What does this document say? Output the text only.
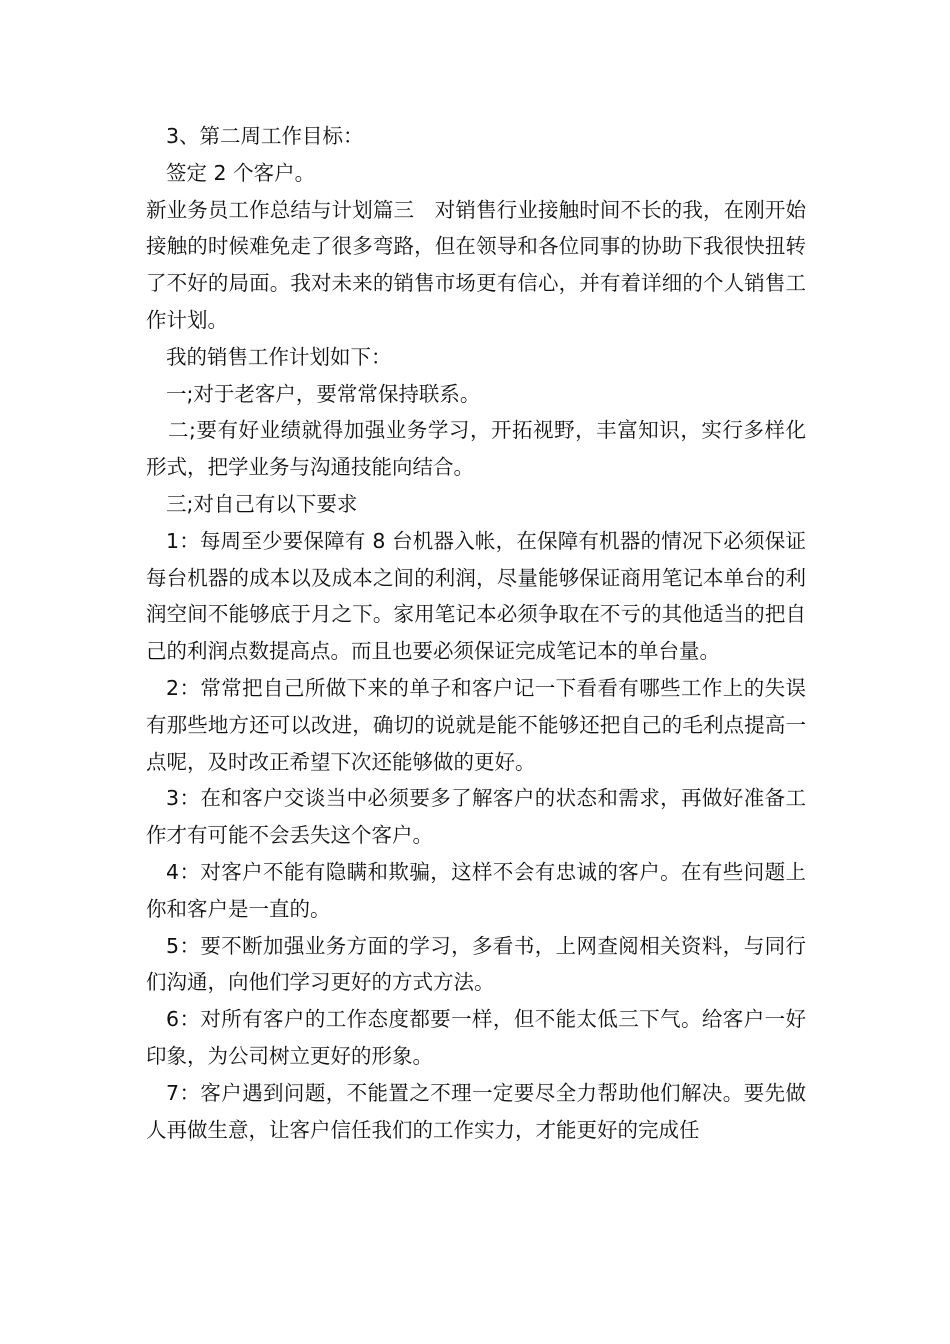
3、第二周工作目标：

签定 2 个客户。

新业务员工作总结与计划篇三　对销售行业接触时间不长的我，在刚开始接触的时候难免走了很多弯路，但在领导和各位同事的协助下我很快扭转了不好的局面。我对未来的销售市场更有信心，并有着详细的个人销售工作计划。

我的销售工作计划如下：

一;对于老客户，要常常保持联系。

二;要有好业绩就得加强业务学习，开拓视野，丰富知识，实行多样化形式，把学业务与沟通技能向结合。

三;对自己有以下要求

1：每周至少要保障有 8 台机器入帐，在保障有机器的情况下必须保证每台机器的成本以及成本之间的利润，尽量能够保证商用笔记本单台的利润空间不能够底于月之下。家用笔记本必须争取在不亏的其他适当的把自己的利润点数提高点。而且也要必须保证完成笔记本的单台量。

2：常常把自己所做下来的单子和客户记一下看看有哪些工作上的失误有那些地方还可以改进，确切的说就是能不能够还把自己的毛利点提高一点呢，及时改正希望下次还能够做的更好。

3：在和客户交谈当中必须要多了解客户的状态和需求，再做好准备工作才有可能不会丢失这个客户。

4：对客户不能有隐瞒和欺骗，这样不会有忠诚的客户。在有些问题上你和客户是一直的。

5：要不断加强业务方面的学习，多看书，上网查阅相关资料，与同行们沟通，向他们学习更好的方式方法。

6：对所有客户的工作态度都要一样，但不能太低三下气。给客户一好印象，为公司树立更好的形象。

7：客户遇到问题，不能置之不理一定要尽全力帮助他们解决。要先做人再做生意，让客户信任我们的工作实力，才能更好的完成任
